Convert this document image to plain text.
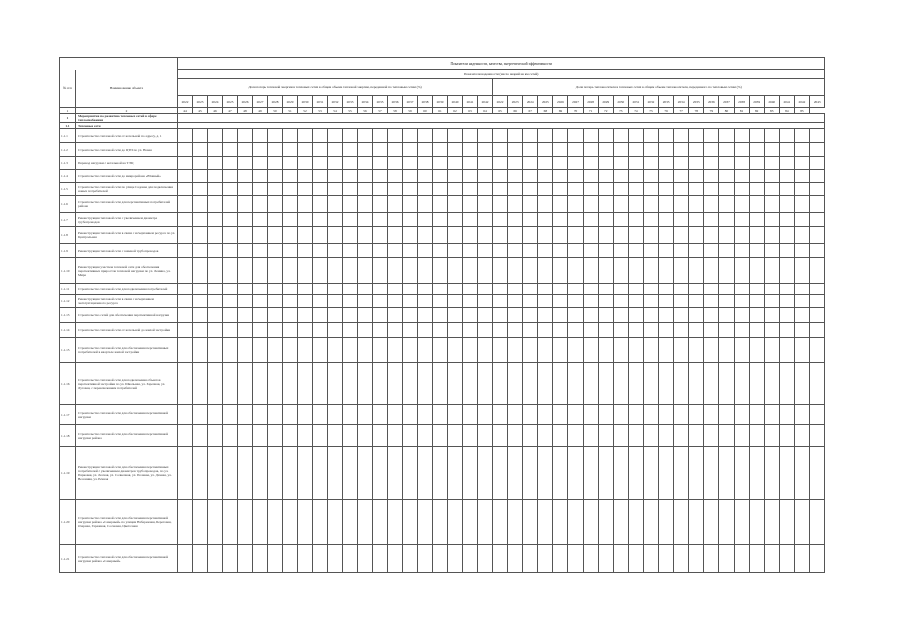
		Показатели надежности, качества, энергетической эффективности																																										
№ п/п	Наименование объекта	Показатели надежности (число аварий на км сетей)																																										
		Доля потерь тепловой энергии в тепловых сетях в общем объеме тепловой энергии, переданной по тепловым сетям (%)																					Доля потерь теплоносителя в тепловых сетях в общем объеме теплоносителя, переданного по тепловым сетям (%)																					
		2022	2023	2024	2025	2026	2027	2028	2029	2030	2031	2032	2033	2034	2035	2036	2037	2038	2039	2040	2041	2042	2022	2023	2024	2025	2026	2027	2028	2029	2030	2031	2032	2033	2034	2035	2036	2037	2038	2039	2040	2041	2042	2043
1	2	44	45	46	47	48	49	50	51	52	53	54	55	56	57	58	59	60	61	62	63	64	65	66	67	68	69	70	71	72	73	74	75	76	77	78	79	80	81	82	83	84	85	
1	Мероприятия по развитию тепловых сетей в сфере теплоснабжения																																											
1.1	Тепловые сети																																											
1.1.1	Строительство тепловой сети от котельной по адресу, д. 1																																											
1.1.2	Строительство тепловой сети до ЦТП по ул. Новая																																											
1.1.3	Перевод нагрузки с котельной на ТЭЦ																																											
1.1.4	Строительство тепловой сети до микрорайона «Южный»																																											
1.1.5	Строительство тепловой сети по улице Садовая для подключения новых потребителей																																											
1.1.6	Строительство тепловой сети для перспективных потребителей района																																											
1.1.7	Реконструкция тепловой сети с увеличением диаметра трубопроводов																																											
1.1.8	Реконструкция тепловой сети в связи с исчерпанием ресурса по ул. Центральная																																											
1.1.9	Реконструкция тепловой сети с заменой трубопроводов																																											
1.1.10	Реконструкция участков тепловой сети для обеспечения перспективных приростов тепловой нагрузки по ул. Ленина, ул. Мира																																											
1.1.11	Строительство тепловой сети для подключения потребителей																																											
1.1.12	Реконструкция тепловой сети в связи с исчерпанием эксплуатационного ресурса																																											
1.1.13	Строительство сетей для обеспечения перспективной нагрузки																																											
1.1.14	Строительство тепловой сети от котельной до жилой застройки																																											
1.1.15	Строительство тепловой сети для обеспечения перспективных потребителей в квартале жилой застройки																																											
1.1.16	Строительство тепловой сети для подключения объектов перспективной застройки по ул. Школьная, ул. Заречная, ул. Луговая, с переключением потребителей																																											
1.1.17	Строительство тепловой сети для обеспечения перспективной нагрузки																																											
1.1.18	Строительство тепловой сети для обеспечения перспективной нагрузки района																																											
1.1.19	Реконструкция тепловой сети для обеспечения перспективных потребителей с увеличением диаметров трубопроводов, по ул. Парковая, ул. Лесная, ул. Солнечная, ул. Полевая, ул. Дачная, ул. Весенняя, ул. Речная																																											
1.1.20	Строительство тепловой сети для обеспечения перспективной нагрузки района «Северный» по улицам Набережная, Береговая, Озерная, Гаражная, Сосновая, Цветочная																																											
1.1.21	Строительство тепловой сети для обеспечения перспективной нагрузки района «Северный»																																											
